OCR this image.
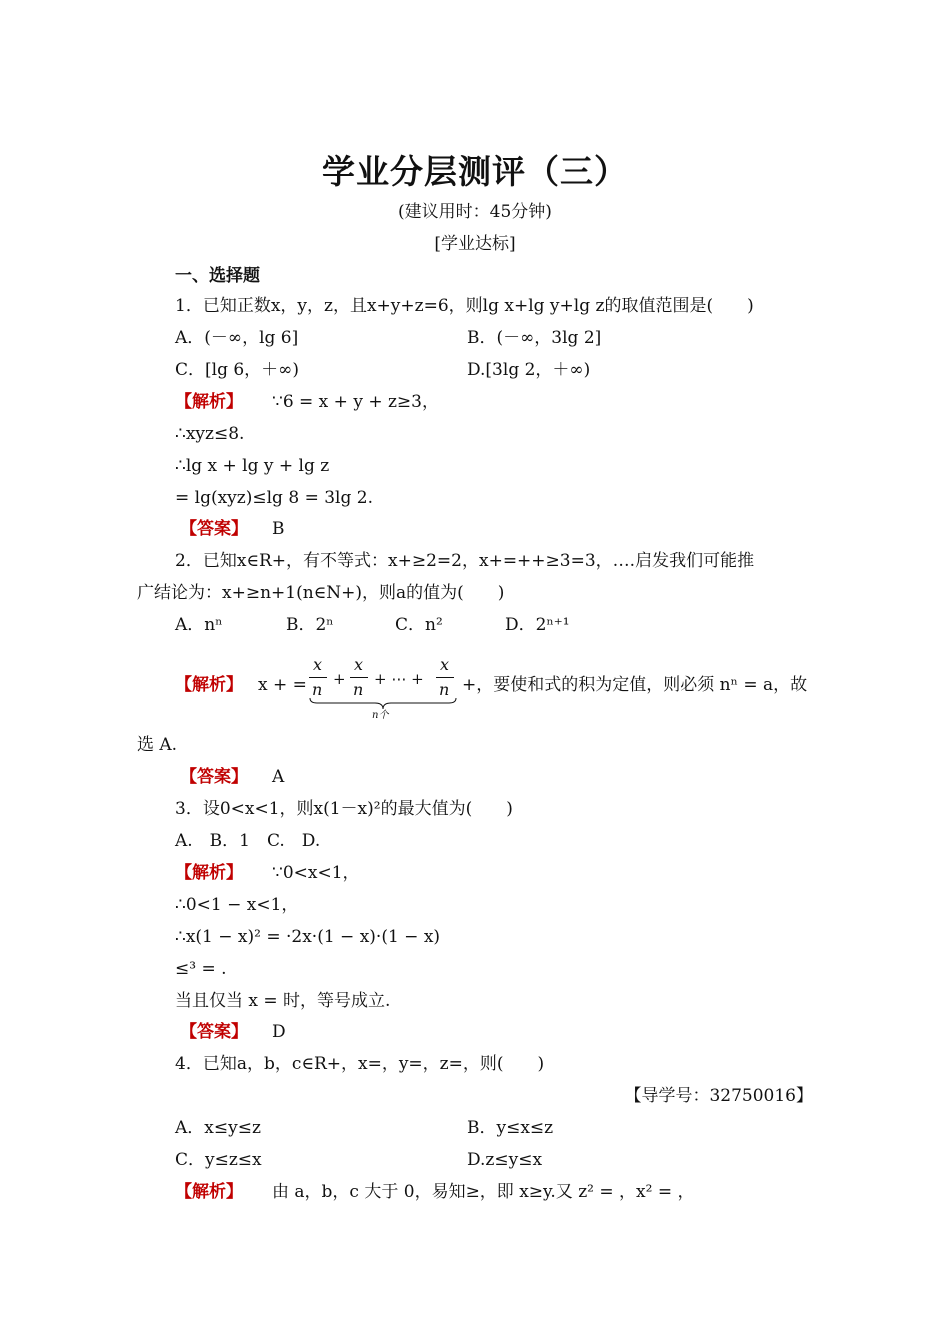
学业分层测评（三）
(建议用时：45分钟)
[学业达标]
一、选择题
1．已知正数x，y，z，且x+y+z=6，则lg x+lg y+lg z的取值范围是(　　)
A．(－∞，lg 6]	B．(－∞，3lg 2]
C．[lg 6，＋∞)	D.[3lg 2，＋∞)
【解析】 ∵6 = x + y + z≥3，
∴xyz≤8.
∴lg x + lg y + lg z
= lg(xyz)≤lg 8 = 3lg 2.
【答案】 B
2．已知x∈R+，有不等式：x+≥2=2，x+=++≥3=3，….启发我们可能推
广结论为：x+≥n+1(n∈N+)，则a的值为(　　)
A．nⁿ	B．2ⁿ	C．n²	D．2ⁿ⁺¹
【解析】 x + =
x
n
+
x
n
+ ⋯ +
x
n
n个
+，要使和式的积为定值，则必须 nⁿ = a，故
选 A.
【答案】 A
3．设0<x<1，则x(1－x)²的最大值为(　　)
A.　B．1　C.　D.
【解析】 ∵0<x<1，
∴0<1 − x<1，
∴x(1 − x)² = ·2x·(1 − x)·(1 − x)
≤³ = .
当且仅当 x = 时，等号成立.
【答案】 D
4．已知a，b，c∈R+，x=，y=，z=，则(　　)
【导学号：32750016】
A．x≤y≤z	B．y≤x≤z
C．y≤z≤x	D.z≤y≤x
【解析】 由 a，b，c 大于 0，易知≥，即 x≥y.又 z² = ，x² = ，
